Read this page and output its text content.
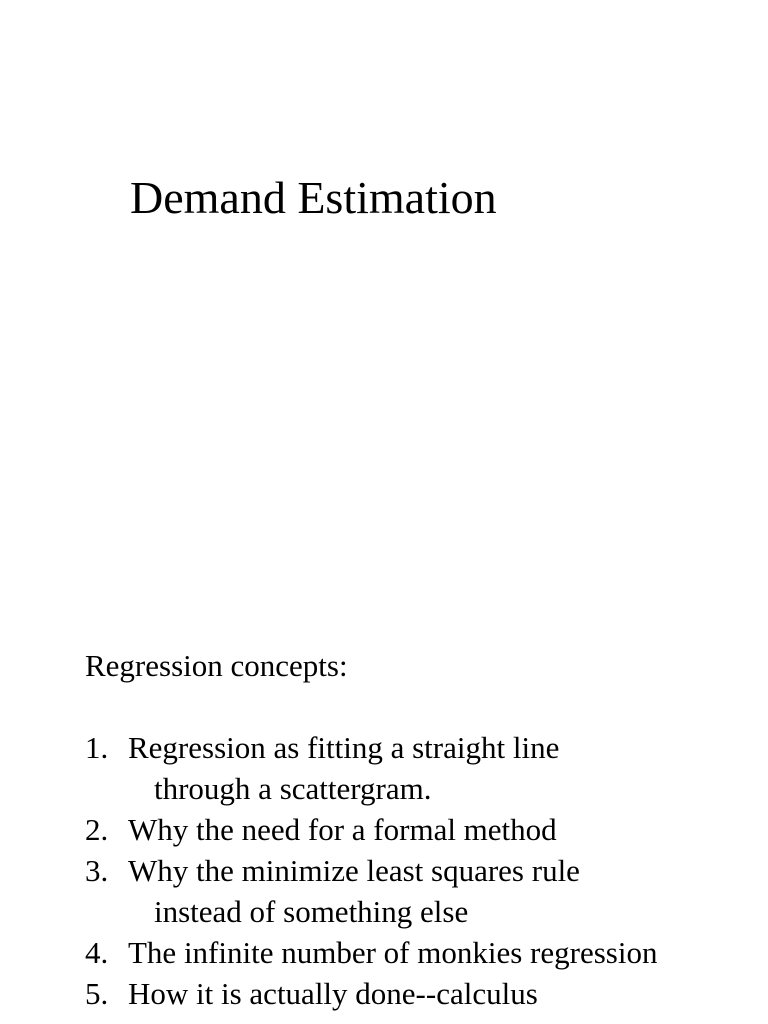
Demand Estimation
Regression concepts:
1. Regression as fitting a straight line
through a scattergram.
2. Why the need for a formal method
3. Why the minimize least squares rule
instead of something else
4. The infinite number of monkies regression
5. How it is actually done--calculus
